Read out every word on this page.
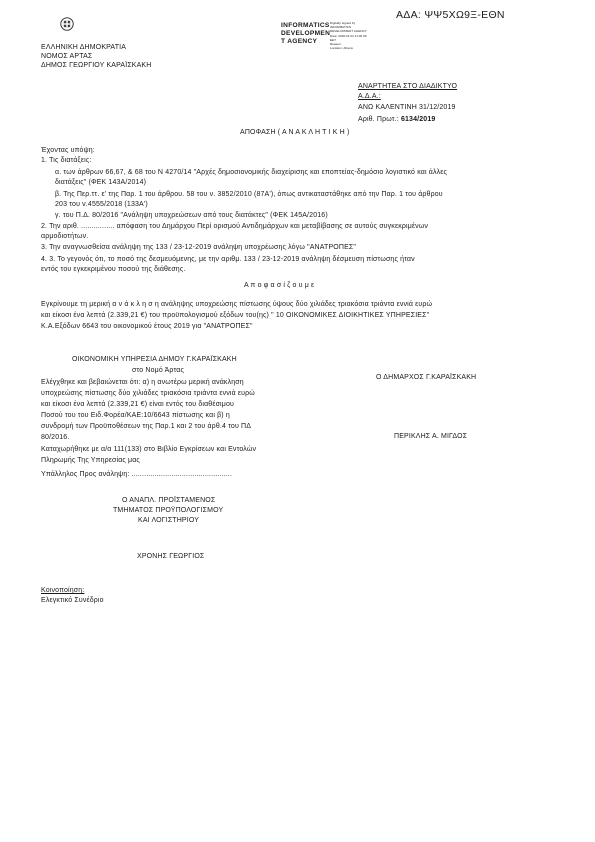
ΑΔΑ: ΨΨ5ΧΩ9Ξ-ΕΘΝ
ΕΛΛΗΝΙΚΗ ΔΗΜΟΚΡΑΤΙΑ
ΝΟΜΟΣ ΑΡΤΑΣ
ΔΗΜΟΣ ΓΕΩΡΓΙΟΥ ΚΑΡΑΪΣΚΑΚΗ
INFORMATICS
DEVELOPMEN
T AGENCY
Digitally signed by
INFORMATICS
DEVELOPMENT AGENCY
Date: 2020.01.03 11:00:09
EET
Reason:
Location: Athens
ΑΝΑΡΤΗΤΕΑ ΣΤΟ ΔΙΑΔΙΚΤΥΟ
Α.Δ.Α.:
ΑΝΩ ΚΑΛΕΝΤΙΝΗ 31/12/2019
Αριθ. Πρωτ.: 6134/2019
ΑΠΟΦΑΣΗ ( Α Ν Α Κ Λ Η Τ Ι Κ Η )
Έχοντας υπόψη:
1. Τις διατάξεις:
α. των άρθρων 66,67, & 68 του Ν 4270/14 "Αρχές δημοσιονομικής διαχείρισης και εποπτείας-δημόσιο λογιστικό και άλλες
διατάξεις" (ΦΕΚ 143Α/2014)
β. Της Περ.ττ. ε' της Παρ. 1 του άρθρου. 58 του ν. 3852/2010 (87Α'), όπως αντικαταστάθηκε από την Παρ. 1 του άρθρου
203 του ν.4555/2018 (133Α')
γ. του Π.Δ. 80/2016 "Ανάληψη υποχρεώσεων από τους διατάκτες" (ΦΕΚ 145Α/2016)
2. Την αριθ. ................ απόφαση του Δημάρχου Περί ορισμού Αντιδημάρχων και μεταβίβασης σε αυτούς συγκεκριμένων
αρμοδιοτήτων.
3. Την αναγνωσθείσα ανάληψη της 133 / 23-12-2019 ανάληψη υποχρέωσης λόγω "ΑΝΑΤΡΟΠΕΣ"
4. 3. Το γεγονός ότι, το ποσό της δεσμευόμενης, με την αριθμ. 133 / 23-12-2019 ανάληψη δέσμευση πίστωσης ήταν
εντός του εγκεκριμένου ποσού της διάθεσης.
Α π ο φ α σ ί ζ ο υ μ ε
Εγκρίνουμε τη μερική α ν ά κ λ η σ η ανάληψης υποχρεώσης πίστωσης ύψους δύο χιλιάδες τριακόσια τριάντα εννιά ευρώ
και είκοσι ένα λεπτά (2.339,21 €) του προϋπολογισμού εξόδων του(ης) " 10 ΟΙΚΟΝΟΜΙΚΕΣ ΔΙΟΙΚΗΤΙΚΕΣ ΥΠΗΡΕΣΙΕΣ"
Κ.Α.Εξόδων 6643 του οικονομικού έτους 2019 για "ΑΝΑΤΡΟΠΕΣ"
ΟΙΚΟΝΟΜΙΚΗ ΥΠΗΡΕΣΙΑ ΔΗΜΟΥ Γ.ΚΑΡΑΪΣΚΑΚΗ
στο Νομό Άρτας
Ελέγχθηκε και βεβαιώνεται ότι: α) η ανωτέρω μερική ανάκληση
υποχρεώσης πίστωσης δύο χιλιάδες τριακόσια τριάντα εννιά ευρώ
και είκοσι ένα λεπτά (2.339,21 €) είναι εντός του διαθέσιμου
Ποσού του του Ειδ.Φορέα/ΚΑΕ:10/6643 πίστωσης και β) η
συνδρομή των Προϋποθέσεων της Παρ.1 και 2 του άρθ.4 του ΠΔ
80/2016.
Καταχωρήθηκε με α/α 111(133) στο Βιβλίο Εγκρίσεων και Εντολών
Πληρωμής Της Υπηρεσίας μας
Υπάλληλος Προς ανάληψη: ................................................
Ο ΔΗΜΑΡΧΟΣ Γ.ΚΑΡΑΪΣΚΑΚΗ
ΠΕΡΙΚΛΗΣ Α. ΜΙΓΔΟΣ
Ο ΑΝΑΠΛ. ΠΡΟΪΣΤΑΜΕΝΟΣ
ΤΜΗΜΑΤΟΣ ΠΡΟΫΠΟΛΟΓΙΣΜΟΥ
ΚΑΙ ΛΟΓΙΣΤΗΡΙΟΥ
ΧΡΟΝΗΣ ΓΕΩΡΓΙΟΣ
Κοινοποίηση:
Ελεγκτικό Συνέδριο
